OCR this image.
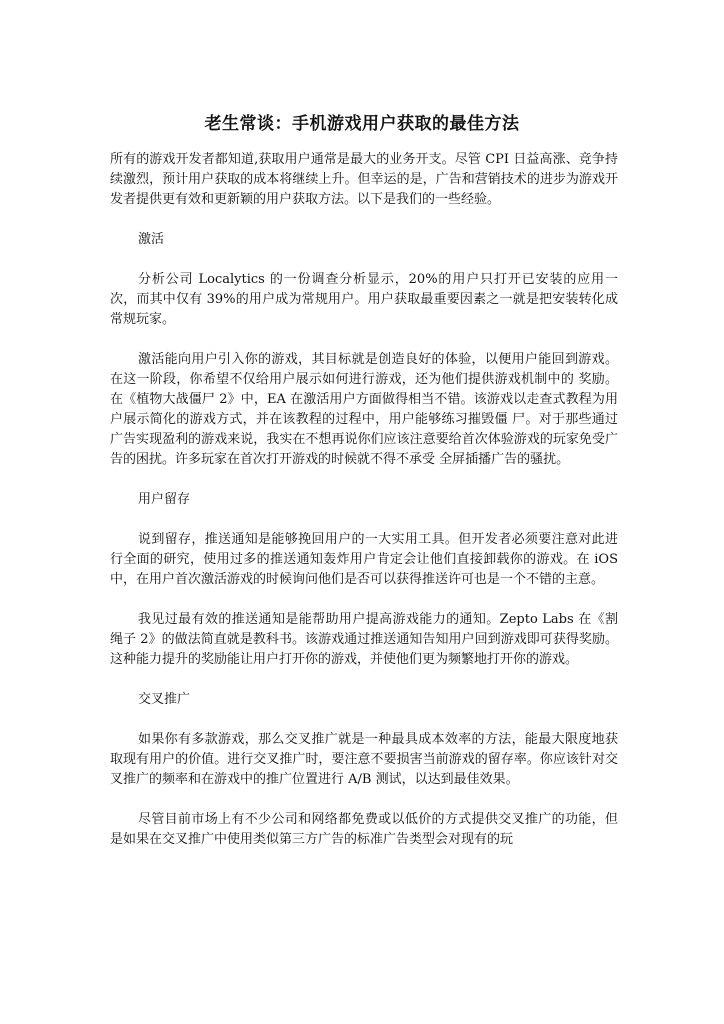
老生常谈：手机游戏用户获取的最佳方法

所有的游戏开发者都知道,获取用户通常是最大的业务开支。尽管 CPI 日益高涨、竞争持续激烈，预计用户获取的成本将继续上升。但幸运的是，广告和营销技术的进步为游戏开发者提供更有效和更新颖的用户获取方法。以下是我们的一些经验。

激活

分析公司 Localytics 的一份调查分析显示，20%的用户只打开已安装的应用一次，而其中仅有 39%的用户成为常规用户。用户获取最重要因素之一就是把安装转化成常规玩家。

激活能向用户引入你的游戏，其目标就是创造良好的体验，以便用户能回到游戏。在这一阶段，你希望不仅给用户展示如何进行游戏，还为他们提供游戏机制中的 奖励。在《植物大战僵尸 2》中，EA 在激活用户方面做得相当不错。该游戏以走查式教程为用户展示简化的游戏方式，并在该教程的过程中，用户能够练习摧毁僵 尸。对于那些通过广告实现盈利的游戏来说，我实在不想再说你们应该注意要给首次体验游戏的玩家免受广告的困扰。许多玩家在首次打开游戏的时候就不得不承受 全屏插播广告的骚扰。

用户留存

说到留存，推送通知是能够挽回用户的一大实用工具。但开发者必须要注意对此进行全面的研究，使用过多的推送通知轰炸用户肯定会让他们直接卸载你的游戏。在 iOS 中，在用户首次激活游戏的时候询问他们是否可以获得推送许可也是一个不错的主意。

我见过最有效的推送通知是能帮助用户提高游戏能力的通知。Zepto Labs 在《割绳子 2》的做法简直就是教科书。该游戏通过推送通知告知用户回到游戏即可获得奖励。这种能力提升的奖励能让用户打开你的游戏，并使他们更为频繁地打开你的游戏。

交叉推广

如果你有多款游戏，那么交叉推广就是一种最具成本效率的方法，能最大限度地获取现有用户的价值。进行交叉推广时，要注意不要损害当前游戏的留存率。你应该针对交叉推广的频率和在游戏中的推广位置进行 A/B 测试，以达到最佳效果。

尽管目前市场上有不少公司和网络都免费或以低价的方式提供交叉推广的功能，但是如果在交叉推广中使用类似第三方广告的标准广告类型会对现有的玩
